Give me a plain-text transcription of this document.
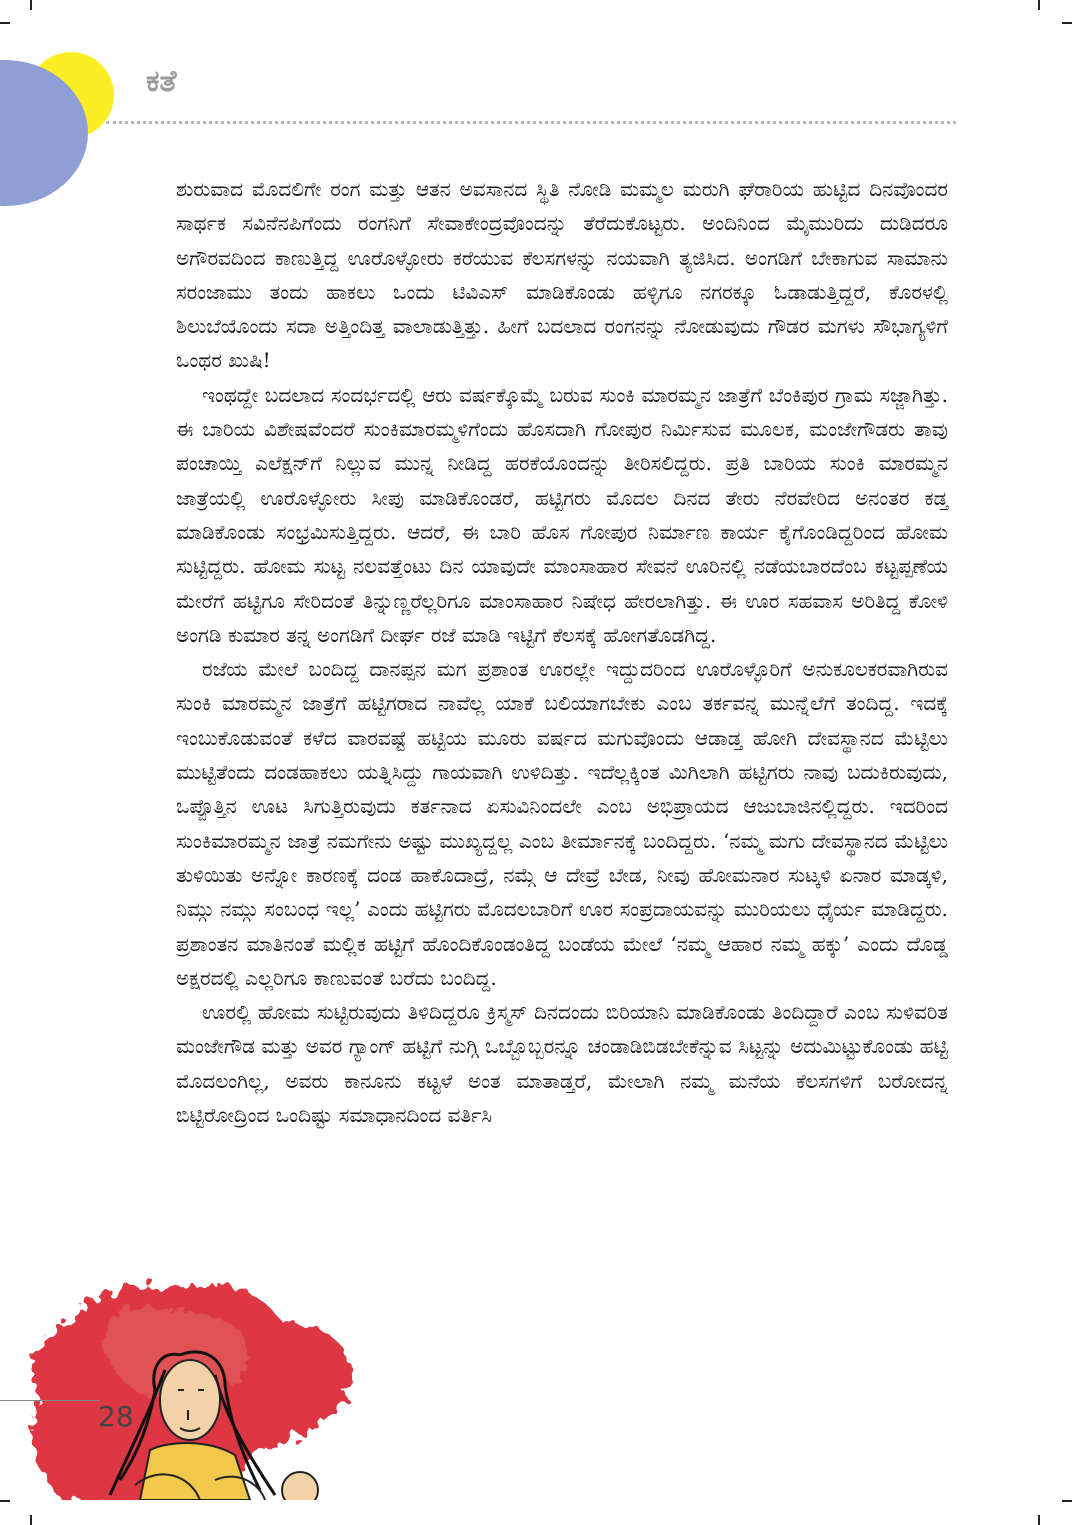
ಕತೆ

ಶುರುವಾದ ಮೊದಲಿಗೇ ರಂಗ ಮತ್ತು ಆತನ ಅವಸಾನದ ಸ್ಥಿತಿ ನೋಡಿ ಮಮ್ಮಲ ಮರುಗಿ ಘೆರಾರಿಯ ಹುಟ್ಟಿದ ದಿನವೊಂದರ ಸಾರ್ಥಕ ಸವಿನೆನಪಿಗೆಂದು ರಂಗನಿಗೆ ಸೇವಾಕೇಂದ್ರವೊಂದನ್ನು ತೆರೆದುಕೊಟ್ಟರು. ಅಂದಿನಿಂದ ಮೈಮುರಿದು ದುಡಿದರೂ ಅಗೌರವದಿಂದ ಕಾಣುತ್ತಿದ್ದ ಊರೊಳ್ಳೋರು ಕರೆಯುವ ಕೆಲಸಗಳನ್ನು ನಯವಾಗಿ ತ್ಯಜಿಸಿದ. ಅಂಗಡಿಗೆ ಬೇಕಾಗುವ ಸಾಮಾನು ಸರಂಜಾಮು ತಂದು ಹಾಕಲು ಒಂದು ಟಿವಿಎಸ್ ಮಾಡಿಕೊಂಡು ಹಳ್ಳಿಗೂ ನಗರಕ್ಕೂ ಓಡಾಡುತ್ತಿದ್ದರೆ, ಕೊರಳಲ್ಲಿ ಶಿಲುಬೆಯೊಂದು ಸದಾ ಅತ್ತಿಂದಿತ್ತ ವಾಲಾಡುತ್ತಿತ್ತು. ಹೀಗೆ ಬದಲಾದ ರಂಗನನ್ನು ನೋಡುವುದು ಗೌಡರ ಮಗಳು ಸೌಭಾಗ್ಯಳಿಗೆ ಒಂಥರ ಖುಷಿ!

ಇಂಥದ್ದೇ ಬದಲಾದ ಸಂದರ್ಭದಲ್ಲಿ ಆರು ವರ್ಷಕ್ಕೊಮ್ಮೆ ಬರುವ ಸುಂಕಿ ಮಾರಮ್ಮನ ಜಾತ್ರೆಗೆ ಬೆಂಕಿಪುರ ಗ್ರಾಮ ಸಜ್ಜಾಗಿತ್ತು. ಈ ಬಾರಿಯ ವಿಶೇಷವೆಂದರೆ ಸುಂಕಿಮಾರಮ್ಮಳಿಗೆಂದು ಹೊಸದಾಗಿ ಗೋಪುರ ನಿರ್ಮಿಸುವ ಮೂಲಕ, ಮಂಜೇಗೌಡರು ತಾವು ಪಂಚಾಯ್ತಿ ಎಲೆಕ್ಷನ್‌ಗೆ ನಿಲ್ಲುವ ಮುನ್ನ ನೀಡಿದ್ದ ಹರಕೆಯೊಂದನ್ನು ತೀರಿಸಲಿದ್ದರು. ಪ್ರತಿ ಬಾರಿಯ ಸುಂಕಿ ಮಾರಮ್ಮನ ಜಾತ್ರೆಯಲ್ಲಿ ಊರೊಳ್ಳೋರು ಸೀಪು ಮಾಡಿಕೊಂಡರೆ, ಹಟ್ಟಿಗರು ಮೊದಲ ದಿನದ ತೇರು ನೆರವೇರಿದ ಅನಂತರ ಕಡ್ತ ಮಾಡಿಕೊಂಡು ಸಂಭ್ರಮಿಸುತ್ತಿದ್ದರು. ಆದರೆ, ಈ ಬಾರಿ ಹೊಸ ಗೋಪುರ ನಿರ್ಮಾಣ ಕಾರ್ಯ ಕೈಗೊಂಡಿದ್ದರಿಂದ ಹೋಮ ಸುಟ್ಟಿದ್ದರು. ಹೋಮ ಸುಟ್ಟ ನಲವತ್ತೆಂಟು ದಿನ ಯಾವುದೇ ಮಾಂಸಾಹಾರ ಸೇವನೆ ಊರಿನಲ್ಲಿ ನಡೆಯಬಾರದೆಂಬ ಕಟ್ಟಪ್ಪಣೆಯ ಮೇರೆಗೆ ಹಟ್ಟಿಗೂ ಸೇರಿದಂತೆ ತಿನ್ನುಣ್ಣರೆಲ್ಲರಿಗೂ ಮಾಂಸಾಹಾರ ನಿಷೇಧ ಹೇರಲಾಗಿತ್ತು. ಈ ಊರ ಸಹವಾಸ ಅರಿತಿದ್ದ ಕೋಳಿ ಅಂಗಡಿ ಕುಮಾರ ತನ್ನ ಅಂಗಡಿಗೆ ದೀರ್ಘ ರಜೆ ಮಾಡಿ ಇಟ್ಟಿಗೆ ಕೆಲಸಕ್ಕೆ ಹೋಗತೊಡಗಿದ್ದ.

ರಜೆಯ ಮೇಲೆ ಬಂದಿದ್ದ ದಾನಪ್ಪನ ಮಗ ಪ್ರಶಾಂತ ಊರಲ್ಲೇ ಇದ್ದುದರಿಂದ ಊರೊಳ್ಳೊರಿಗೆ ಅನುಕೂಲಕರವಾಗಿರುವ ಸುಂಕಿ ಮಾರಮ್ಮನ ಜಾತ್ರೆಗೆ ಹಟ್ಟಿಗರಾದ ನಾವೆಲ್ಲ ಯಾಕೆ ಬಲಿಯಾಗಬೇಕು ಎಂಬ ತರ್ಕವನ್ನ ಮುನ್ನೆಲೆಗೆ ತಂದಿದ್ದ. ಇದಕ್ಕೆ ಇಂಬುಕೊಡುವಂತೆ ಕಳೆದ ವಾರವಷ್ಟೆ ಹಟ್ಟಿಯ ಮೂರು ವರ್ಷದ ಮಗುವೊಂದು ಆಡಾಡ್ತ ಹೋಗಿ ದೇವಸ್ಥಾನದ ಮೆಟ್ಟಿಲು ಮುಟ್ಟಿತೆಂದು ದಂಡಹಾಕಲು ಯತ್ನಿಸಿದ್ದು ಗಾಯವಾಗಿ ಉಳಿದಿತ್ತು. ಇದೆಲ್ಲಕ್ಕಿಂತ ಮಿಗಿಲಾಗಿ ಹಟ್ಟಿಗರು ನಾವು ಬದುಕಿರುವುದು, ಒಪ್ಪೊತ್ತಿನ ಊಟ ಸಿಗುತ್ತಿರುವುದು ಕರ್ತನಾದ ಏಸುವಿನಿಂದಲೇ ಎಂಬ ಅಭಿಪ್ರಾಯದ ಆಜುಬಾಜಿನಲ್ಲಿದ್ದರು. ಇದರಿಂದ ಸುಂಕಿಮಾರಮ್ಮನ ಜಾತ್ರೆ ನಮಗೇನು ಅಷ್ಟು ಮುಖ್ಯದ್ದಲ್ಲ ಎಂಬ ತೀರ್ಮಾನಕ್ಕೆ ಬಂದಿದ್ದರು. ‘ನಮ್ಮ ಮಗು ದೇವಸ್ಥಾನದ ಮೆಟ್ಟಿಲು ತುಳಿಯಿತು ಅನ್ನೋ ಕಾರಣಕ್ಕೆ ದಂಡ ಹಾಕೊದಾದ್ರೆ, ನಮ್ಗೆ ಆ ದೇವ್ರೆ ಬೇಡ, ನೀವು ಹೋಮನಾರ ಸುಟ್ಕಳಿ ಏನಾರ ಮಾಡ್ಕಳಿ, ನಿಮ್ಗು ನಮ್ಗು ಸಂಬಂಧ ಇಲ್ಲ’ ಎಂದು ಹಟ್ಟಿಗರು ಮೊದಲಬಾರಿಗೆ ಊರ ಸಂಪ್ರದಾಯವನ್ನು ಮುರಿಯಲು ಧೈರ್ಯ ಮಾಡಿದ್ದರು. ಪ್ರಶಾಂತನ ಮಾತಿನಂತೆ ಮಲ್ಲಿಕ ಹಟ್ಟಿಗೆ ಹೊಂದಿಕೊಂಡಂತಿದ್ದ ಬಂಡೆಯ ಮೇಲೆ ‘ನಮ್ಮ ಆಹಾರ ನಮ್ಮ ಹಕ್ಕು’ ಎಂದು ದೊಡ್ಡ ಅಕ್ಷರದಲ್ಲಿ ಎಲ್ಲರಿಗೂ ಕಾಣುವಂತೆ ಬರೆದು ಬಂದಿದ್ದ.

ಊರಲ್ಲಿ ಹೋಮ ಸುಟ್ಟಿರುವುದು ತಿಳಿದಿದ್ದರೂ ಕ್ರಿಸ್ಮಸ್ ದಿನದಂದು ಬಿರಿಯಾನಿ ಮಾಡಿಕೊಂಡು ತಿಂದಿದ್ದಾರೆ ಎಂಬ ಸುಳಿವರಿತ ಮಂಜೇಗೌಡ ಮತ್ತು ಅವರ ಗ್ಯಾಂಗ್ ಹಟ್ಟಿಗೆ ನುಗ್ಗಿ ಒಬ್ಬೊಬ್ಬರನ್ನೂ ಚಂಡಾಡಿಬಿಡಬೇಕೆನ್ನುವ ಸಿಟ್ಟನ್ನು ಅದುಮಿಟ್ಟುಕೊಂಡು ಹಟ್ಟಿ ಮೊದಲಂಗಿಲ್ಲ, ಅವರು ಕಾನೂನು ಕಟ್ಟಳೆ ಅಂತ ಮಾತಾಡ್ತರೆ, ಮೇಲಾಗಿ ನಮ್ಮ ಮನೆಯ ಕೆಲಸಗಳಿಗೆ ಬರೋದನ್ನ ಬಿಟ್ಟಿರೋದ್ರಿಂದ ಒಂದಿಷ್ಟು ಸಮಾಧಾನದಿಂದ ವರ್ತಿಸಿ

28
